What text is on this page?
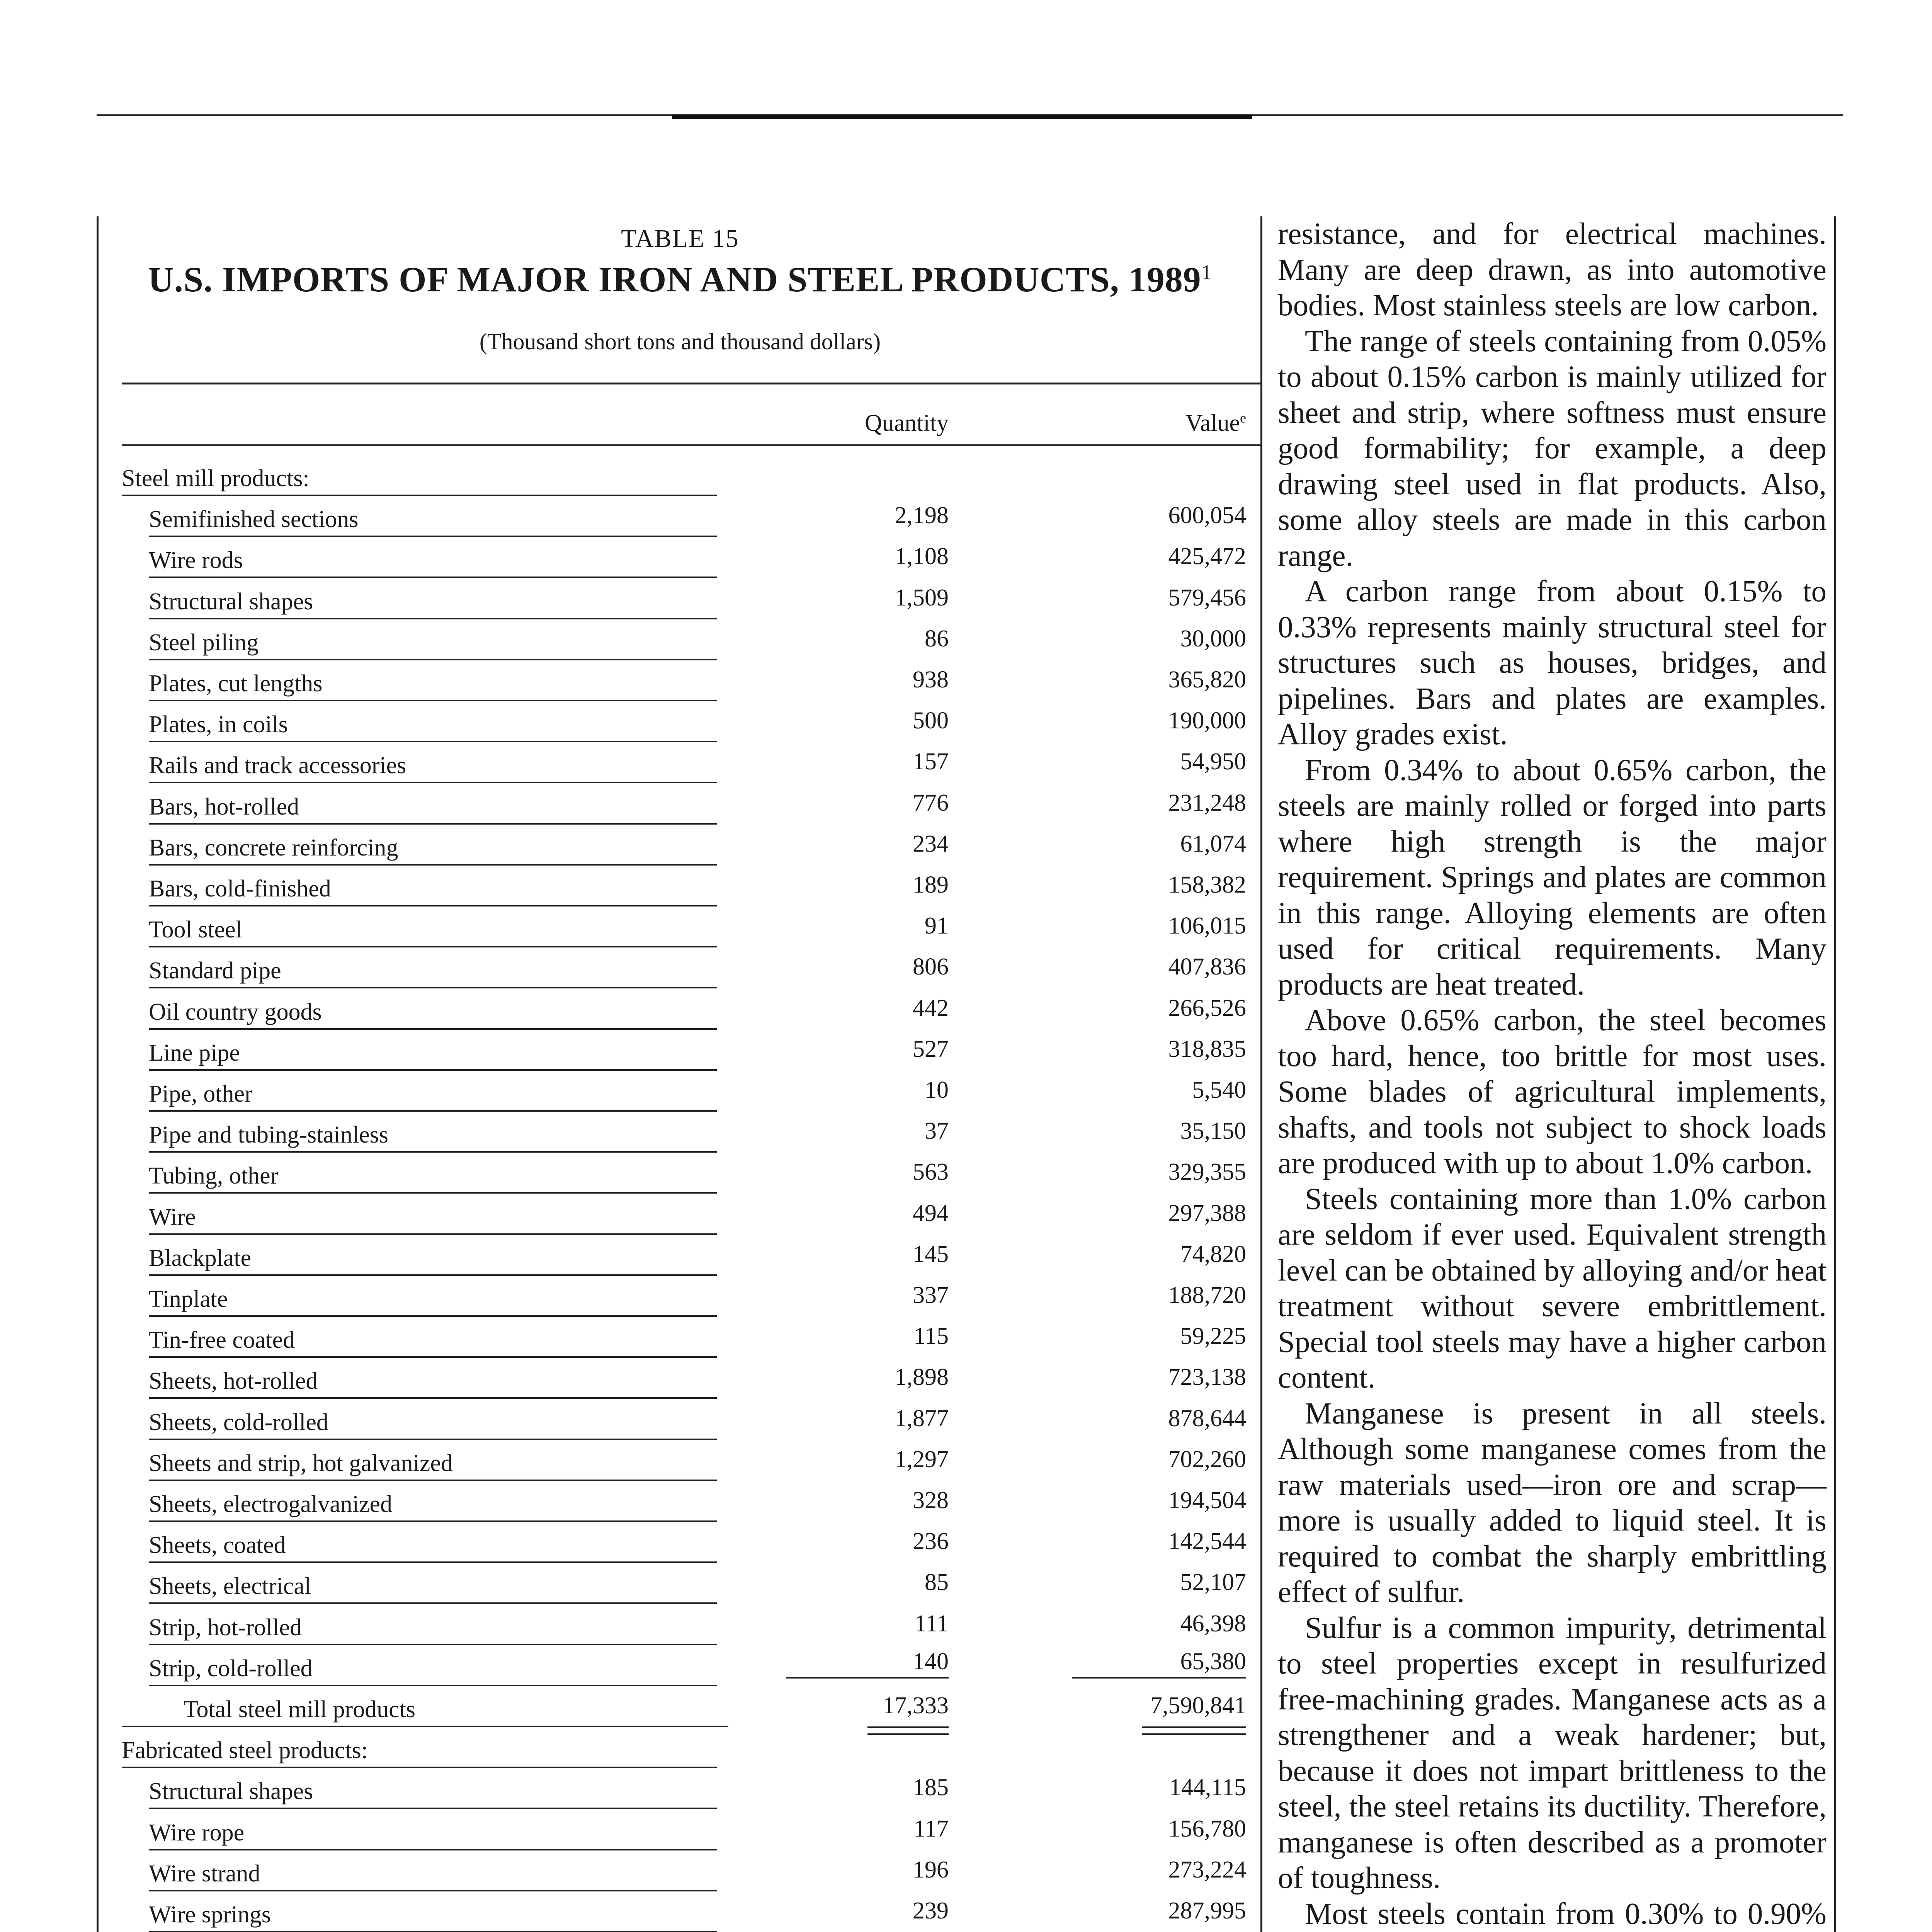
TABLE 15
U.S. IMPORTS OF MAJOR IRON AND STEEL PRODUCTS, 1989$^1$
(Thousand short tons and thousand dollars)
Quantity	Value$^e$
Steel mill products:
Semifinished sections	2,198	600,054
Wire rods	1,108	425,472
Structural shapes	1,509	579,456
Steel piling	86	30,000
Plates, cut lengths	938	365,820
Plates, in coils	500	190,000
Rails and track accessories	157	54,950
Bars, hot-rolled	776	231,248
Bars, concrete reinforcing	234	61,074
Bars, cold-finished	189	158,382
Tool steel	91	106,015
Standard pipe	806	407,836
Oil country goods	442	266,526
Line pipe	527	318,835
Pipe, other	10	5,540
Pipe and tubing-stainless	37	35,150
Tubing, other	563	329,355
Wire	494	297,388
Blackplate	145	74,820
Tinplate	337	188,720
Tin-free coated	115	59,225
Sheets, hot-rolled	1,898	723,138
Sheets, cold-rolled	1,877	878,644
Sheets and strip, hot galvanized	1,297	702,260
Sheets, electrogalvanized	328	194,504
Sheets, coated	236	142,544
Sheets, electrical	85	52,107
Strip, hot-rolled	111	46,398
Strip, cold-rolled	140	65,380
Total steel mill products	17,333	7,590,841
Fabricated steel products:
Structural shapes	185	144,115
Wire rope	117	156,780
Wire strand	196	273,224
Wire springs	239	287,995

resistance, and for electrical machines. Many are deep drawn, as into automotive bodies. Most stainless steels are low carbon.

The range of steels containing from 0.05% to about 0.15% carbon is mainly utilized for sheet and strip, where softness must ensure good formability; for example, a deep drawing steel used in flat products. Also, some alloy steels are made in this carbon range.

A carbon range from about 0.15% to 0.33% represents mainly structural steel for structures such as houses, bridges, and pipelines. Bars and plates are examples. Alloy grades exist.

From 0.34% to about 0.65% carbon, the steels are mainly rolled or forged into parts where high strength is the major requirement. Springs and plates are common in this range. Alloying elements are often used for critical requirements. Many products are heat treated.

Above 0.65% carbon, the steel becomes too hard, hence, too brittle for most uses. Some blades of agricultural implements, shafts, and tools not subject to shock loads are produced with up to about 1.0% carbon.

Steels containing more than 1.0% carbon are seldom if ever used. Equivalent strength level can be obtained by alloying and/or heat treatment without severe embrittlement. Special tool steels may have a higher carbon content.

Manganese is present in all steels. Although some manganese comes from the raw materials used—iron ore and scrap—more is usually added to liquid steel. It is required to combat the sharply embrittling effect of sulfur.

Sulfur is a common impurity, detrimental to steel properties except in resulfurized free-machining grades. Manganese acts as a strengthener and a weak hardener; but, because it does not impart brittleness to the steel, the steel retains its ductility. Therefore, manganese is often described as a promoter of toughness.

Most steels contain from 0.30% to 0.90%
